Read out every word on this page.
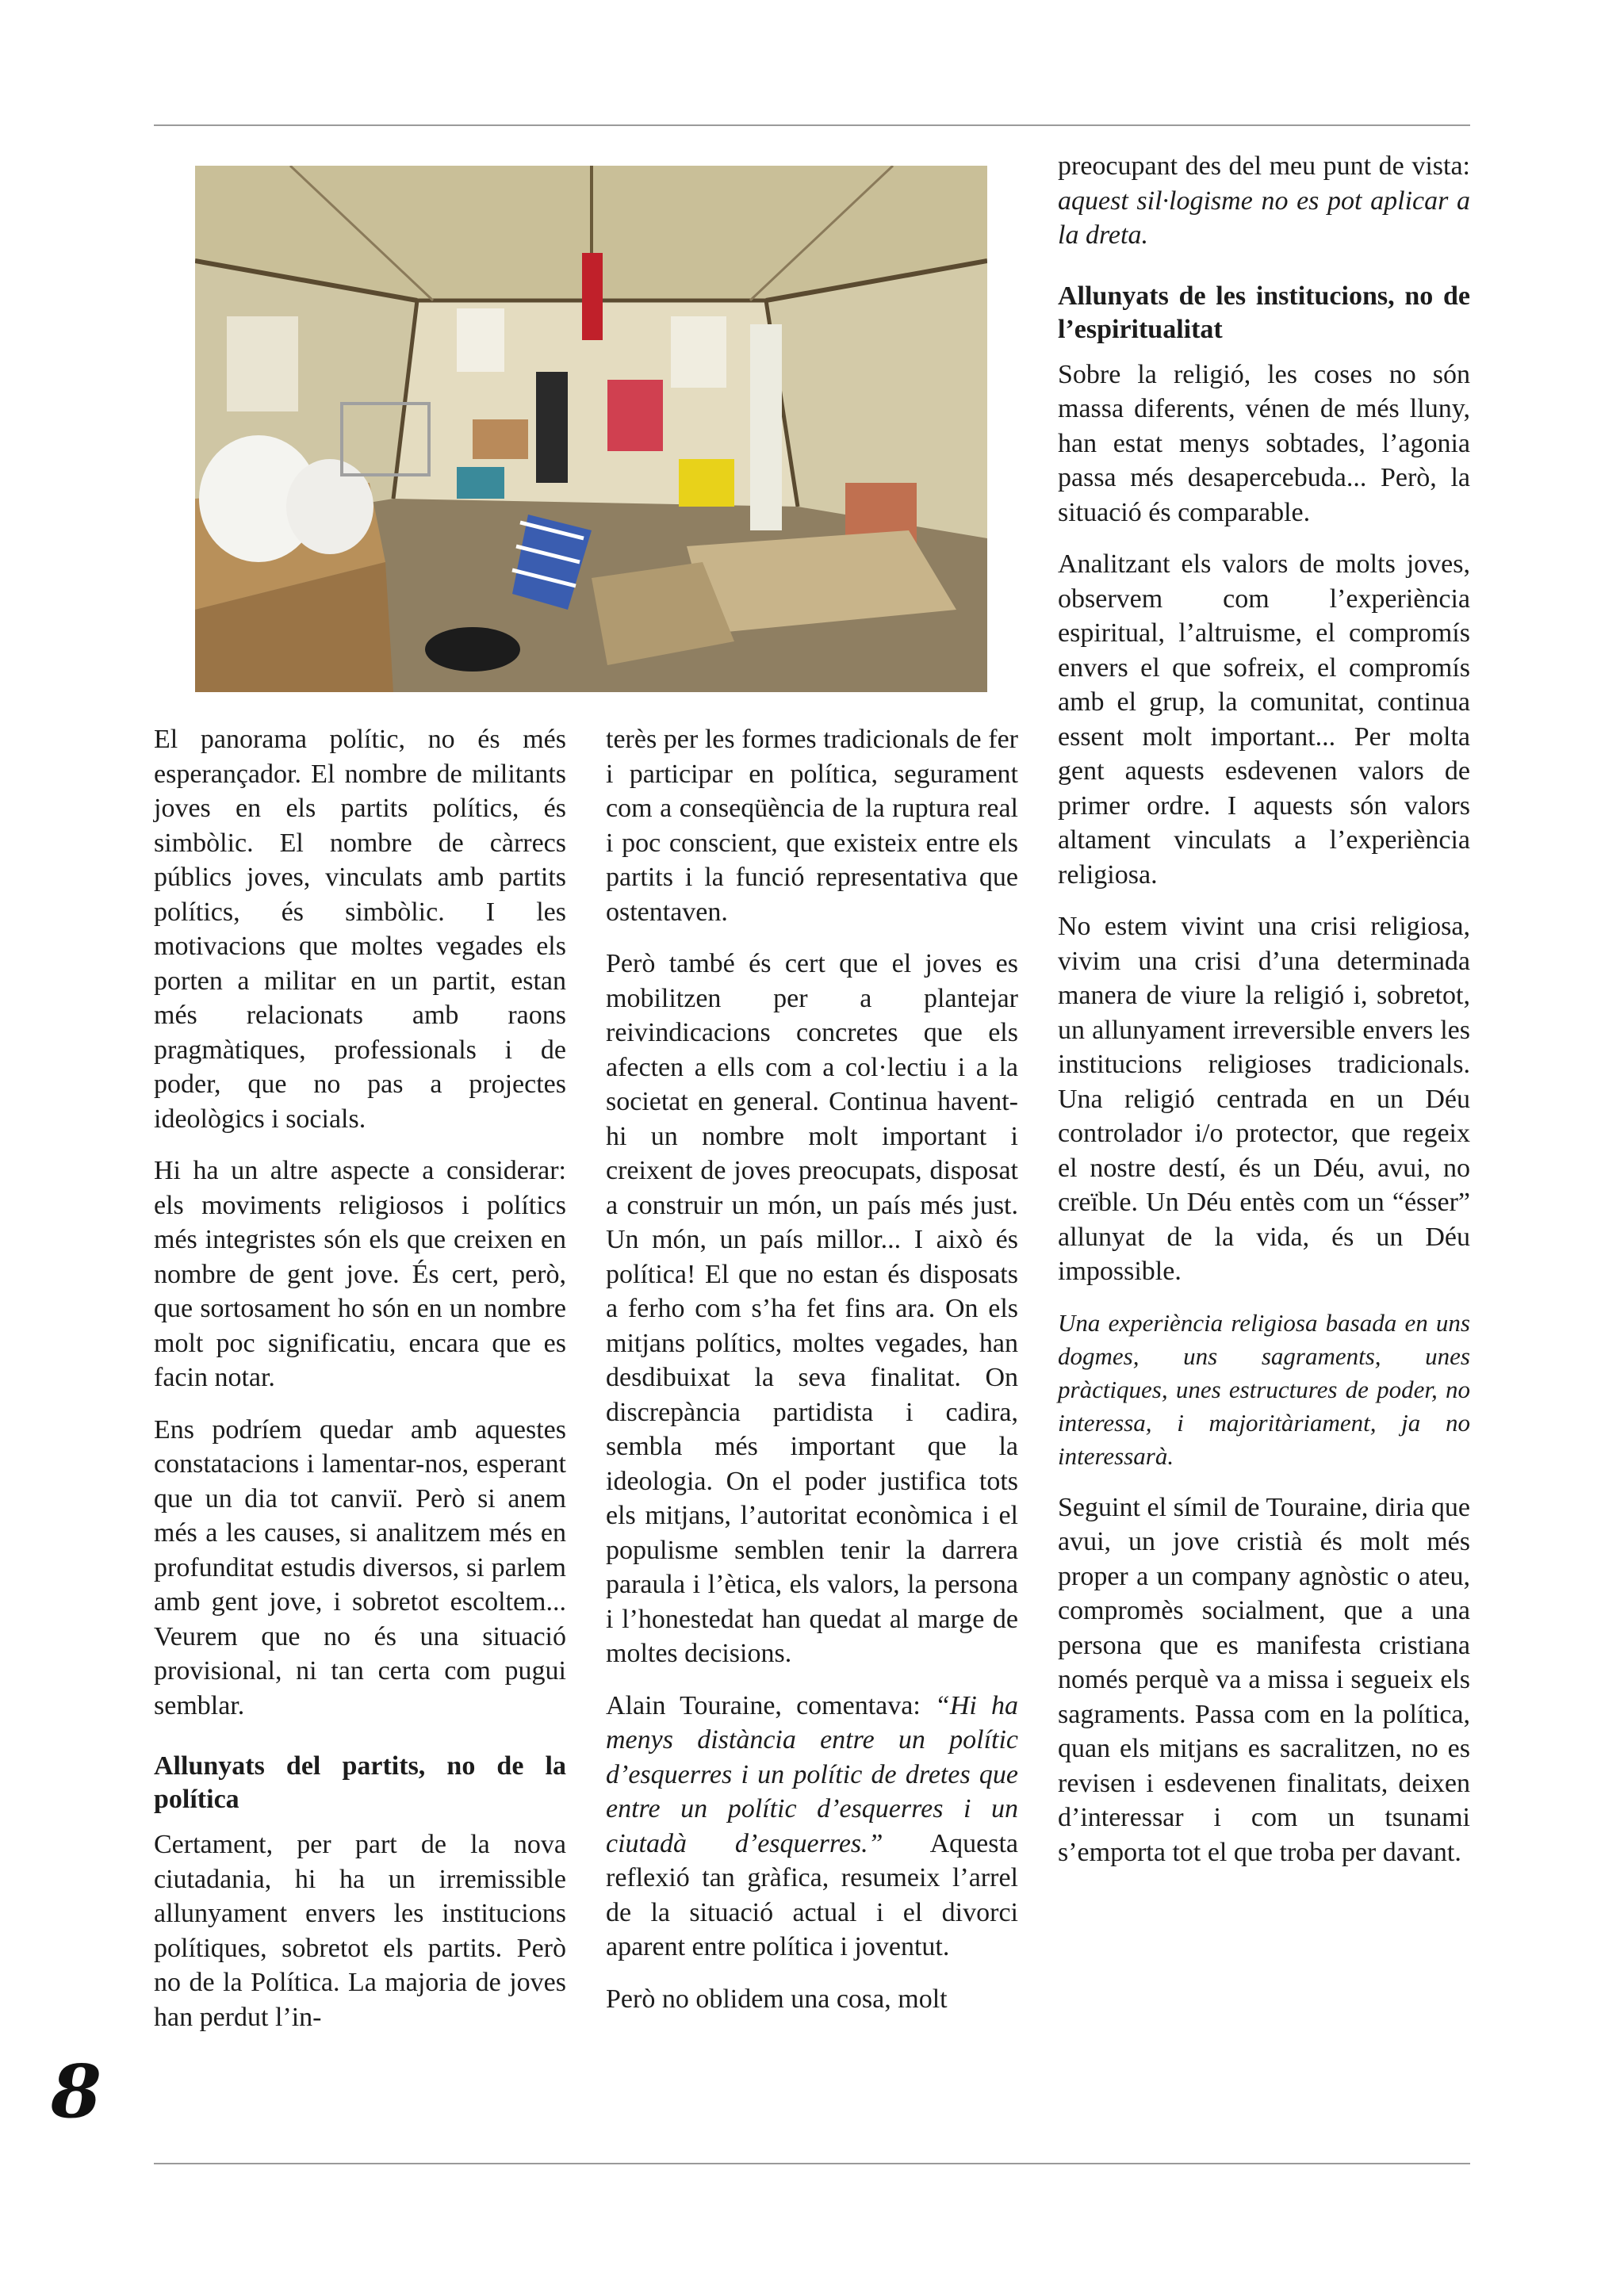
El panorama polític, no és més esperançador. El nombre de militants joves en els partits polítics, és simbòlic. El nombre de càrrecs públics joves, vinculats amb partits polítics, és simbòlic. I les motivacions que moltes vegades els porten a militar en un partit, estan més relacionats amb raons pragmàtiques, professionals i de poder, que no pas a projectes ideològics i socials.

Hi ha un altre aspecte a considerar: els moviments religiosos i polítics més integristes són els que creixen en nombre de gent jove. És cert, però, que sortosament ho són en un nombre molt poc significatiu, encara que es facin notar.

Ens podríem quedar amb aquestes constatacions i lamentar-nos, esperant que un dia tot canviï. Però si anem més a les causes, si analitzem més en profunditat estudis diversos, si parlem amb gent jove, i sobretot escoltem... Veurem que no és una situació provisional, ni tan certa com pugui semblar.

Allunyats del partits, no de la política

Certament, per part de la nova ciutadania, hi ha un irremissible allunyament envers les institucions polítiques, sobretot els partits. Però no de la Política. La majoria de joves han perdut l’in-

terès per les formes tradicionals de fer i participar en política, segurament com a conseqüència de la ruptura real i poc conscient, que existeix entre els partits i la funció representativa que ostentaven.

Però també és cert que el joves es mobilitzen per a plantejar reivindicacions concretes que els afecten a ells com a col·lectiu i a la societat en general. Continua havent-hi un nombre molt important i creixent de joves preocupats, disposat a construir un món, un país més just. Un món, un país millor... I això és política! El que no estan és disposats a ferho com s’ha fet fins ara. On els mitjans polítics, moltes vegades, han desdibuixat la seva finalitat. On discrepància partidista i cadira, sembla més important que la ideologia. On el poder justifica tots els mitjans, l’autoritat econòmica i el populisme semblen tenir la darrera paraula i l’ètica, els valors, la persona i l’honestedat han quedat al marge de moltes decisions.

Alain Touraine, comentava: “Hi ha menys distància entre un polític d’esquerres i un polític de dretes que entre un polític d’esquerres i un ciutadà d’esquerres.” Aquesta reflexió tan gràfica, resumeix l’arrel de la situació actual i el divorci aparent entre política i joventut.

Però no oblidem una cosa, molt

preocupant des del meu punt de vista: aquest sil·logisme no es pot aplicar a la dreta.

Allunyats de les institucions, no de l’espiritualitat

Sobre la religió, les coses no són massa diferents, vénen de més lluny, han estat menys sobtades, l’agonia passa més desapercebuda... Però, la situació és comparable.

Analitzant els valors de molts joves, observem com l’experiència espiritual, l’altruisme, el compromís envers el que sofreix, el compromís amb el grup, la comunitat, continua essent molt important... Per molta gent aquests esdevenen valors de primer ordre. I aquests són valors altament vinculats a l’experiència religiosa.

No estem vivint una crisi religiosa, vivim una crisi d’una determinada manera de viure la religió i, sobretot, un allunyament irreversible envers les institucions religioses tradicionals. Una religió centrada en un Déu controlador i/o protector, que regeix el nostre destí, és un Déu, avui, no creïble. Un Déu entès com un “ésser” allunyat de la vida, és un Déu impossible.

Una experiència religiosa basada en uns dogmes, uns sagraments, unes pràctiques, unes estructures de poder, no interessa, i majoritàriament, ja no interessarà.

Seguint el símil de Touraine, diria que avui, un jove cristià és molt més proper a un company agnòstic o ateu, compromès socialment, que a una persona que es manifesta cristiana només perquè va a missa i segueix els sagraments. Passa com en la política, quan els mitjans es sacralitzen, no es revisen i esdevenen finalitats, deixen d’interessar i com un tsunami s’emporta tot el que troba per davant.

8
